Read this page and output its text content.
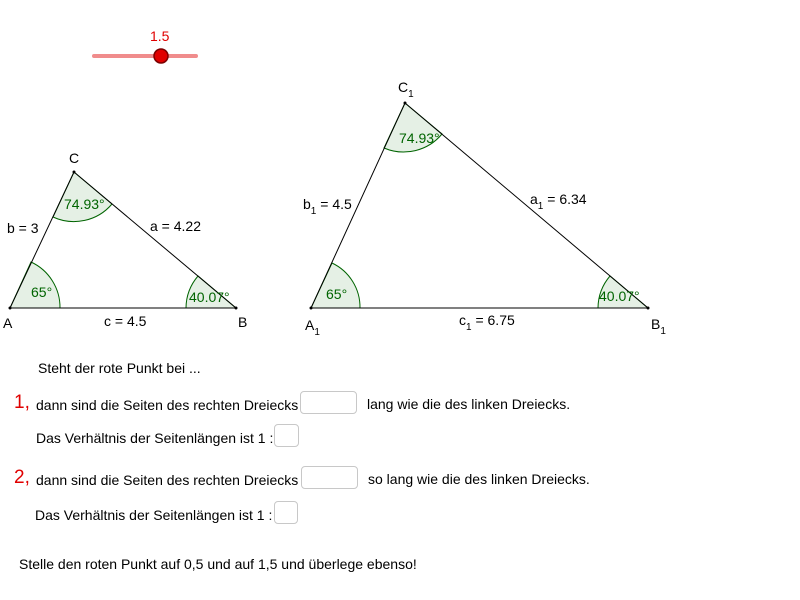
1.5
A	B
C
a = 4.22
b = 3
c = 4.5
65°	40.07°
74.93°
$A_1$
$B_1$
$C_1$
$a_1 = 6.34$
$b_1 = 4.5$
$c_1 = 6.75$
65°	40.07°
74.93°
Steht der rote Punkt bei ...
1, dann sind die Seiten des rechten Dreiecks	lang wie die des linken Dreiecks.
Das Verhältnis der Seitenlängen ist 1 :
2, dann sind die Seiten des rechten Dreiecks	so lang wie die des linken Dreiecks.
Das Verhältnis der Seitenlängen ist 1 :
Stelle den roten Punkt auf 0,5 und auf 1,5 und überlege ebenso!
